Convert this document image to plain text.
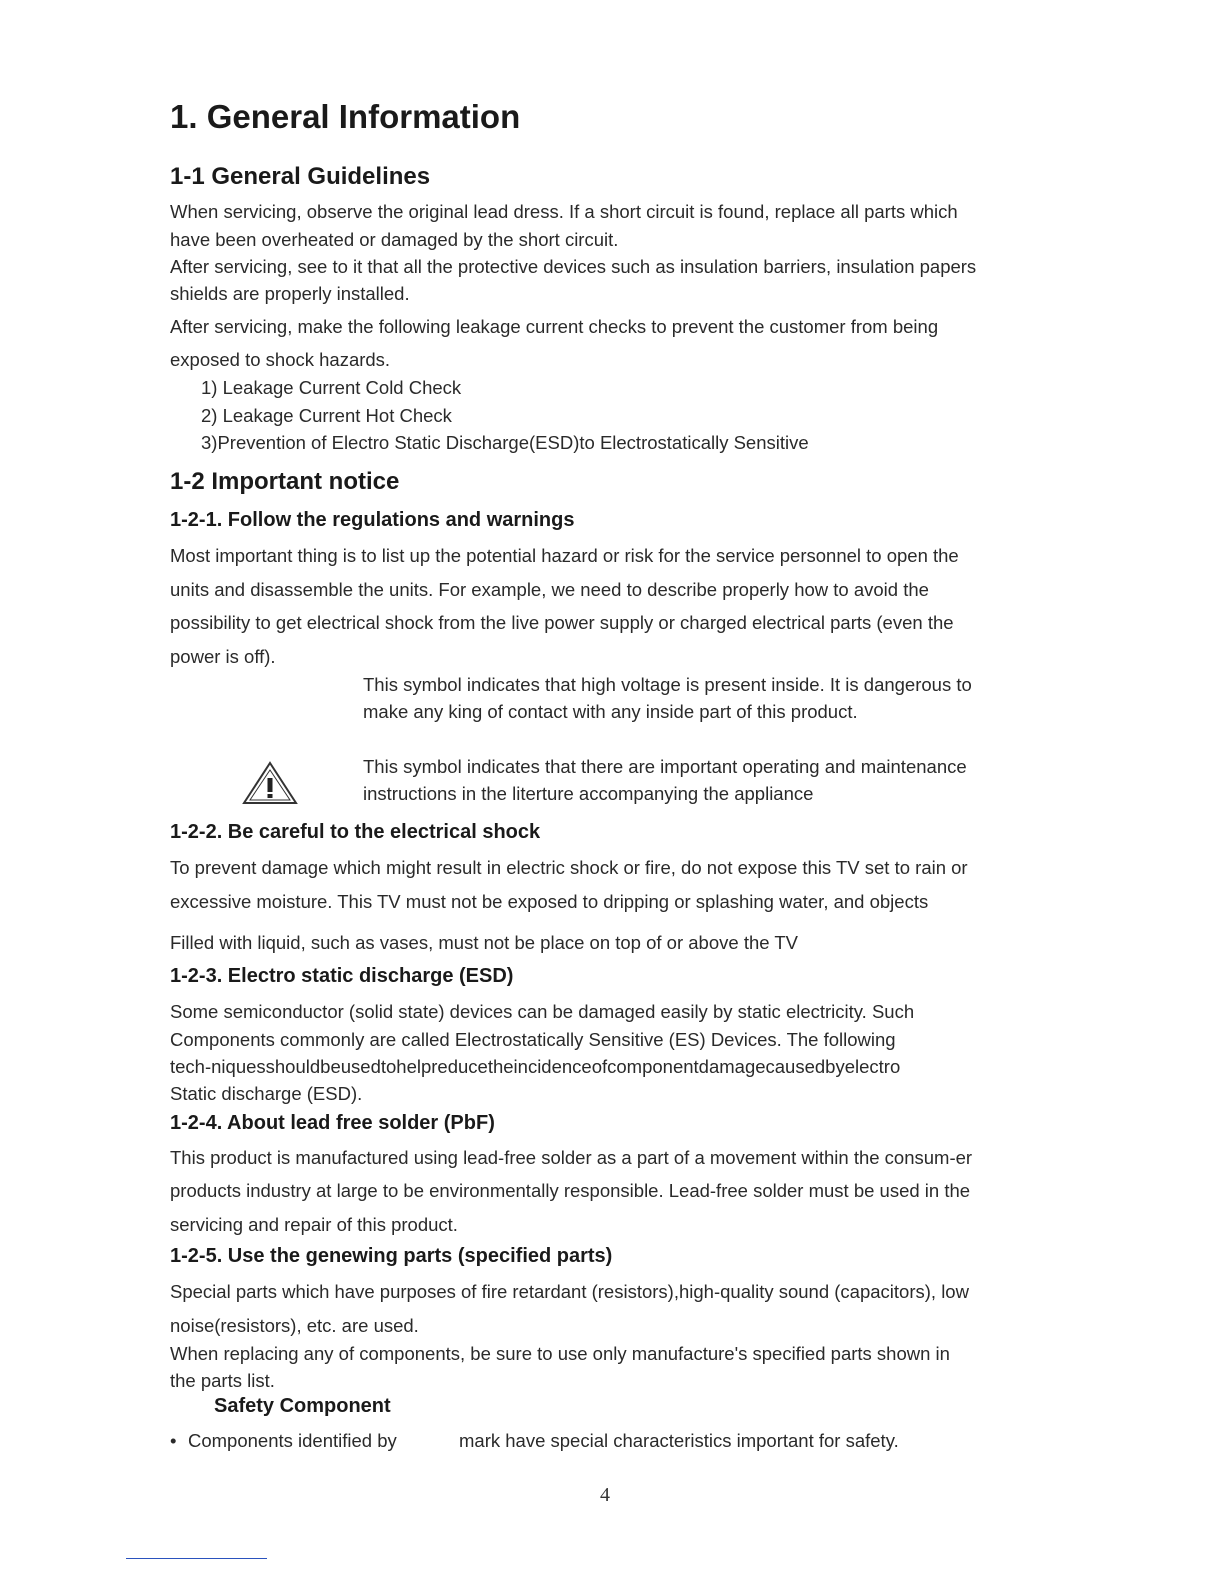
1. General Information
1-1 General Guidelines
When servicing, observe the original lead dress. If a short circuit is found, replace all parts which
have been overheated or damaged by the short circuit.
After servicing, see to it that all the protective devices such as insulation barriers, insulation papers
shields are properly installed.
After servicing, make the following leakage current checks to prevent the customer from being
exposed to shock hazards.
1) Leakage Current Cold Check
2) Leakage Current Hot Check
3)Prevention of Electro Static Discharge(ESD)to Electrostatically Sensitive
1-2 Important notice
1-2-1. Follow the regulations and warnings
Most important thing is to list up the potential hazard or risk for the service personnel to open the
units and disassemble the units. For example, we need to describe properly how to avoid the
possibility to get electrical shock from the live power supply or charged electrical parts (even the
power is off).
This symbol indicates that high voltage is present inside. It is dangerous to
make any king of contact with any inside part of this product.
This symbol indicates that there are important operating and maintenance
instructions in the literture accompanying the appliance
1-2-2. Be careful to the electrical shock
To prevent damage which might result in electric shock or fire, do not expose this TV set to rain or
excessive moisture. This TV must not be exposed to dripping or splashing water, and objects
Filled with liquid, such as vases, must not be place on top of or above the TV
1-2-3. Electro static discharge (ESD)
Some semiconductor (solid state) devices can be damaged easily by static electricity. Such
Components commonly are called Electrostatically Sensitive (ES) Devices. The following
tech-niquesshouldbeusedtohelpreducetheincidenceofcomponentdamagecausedbyelectro
Static discharge (ESD).
1-2-4. About lead free solder (PbF)
This product is manufactured using lead-free solder as a part of a movement within the consum-er
products industry at large to be environmentally responsible. Lead-free solder must be used in the
servicing and repair of this product.
1-2-5. Use the genewing parts (specified parts)
Special parts which have purposes of fire retardant (resistors),high-quality sound (capacitors), low
noise(resistors), etc. are used.
When replacing any of components, be sure to use only manufacture's specified parts shown in
the parts list.
Safety Component
• Components identified by	mark have special characteristics important for safety.
4
